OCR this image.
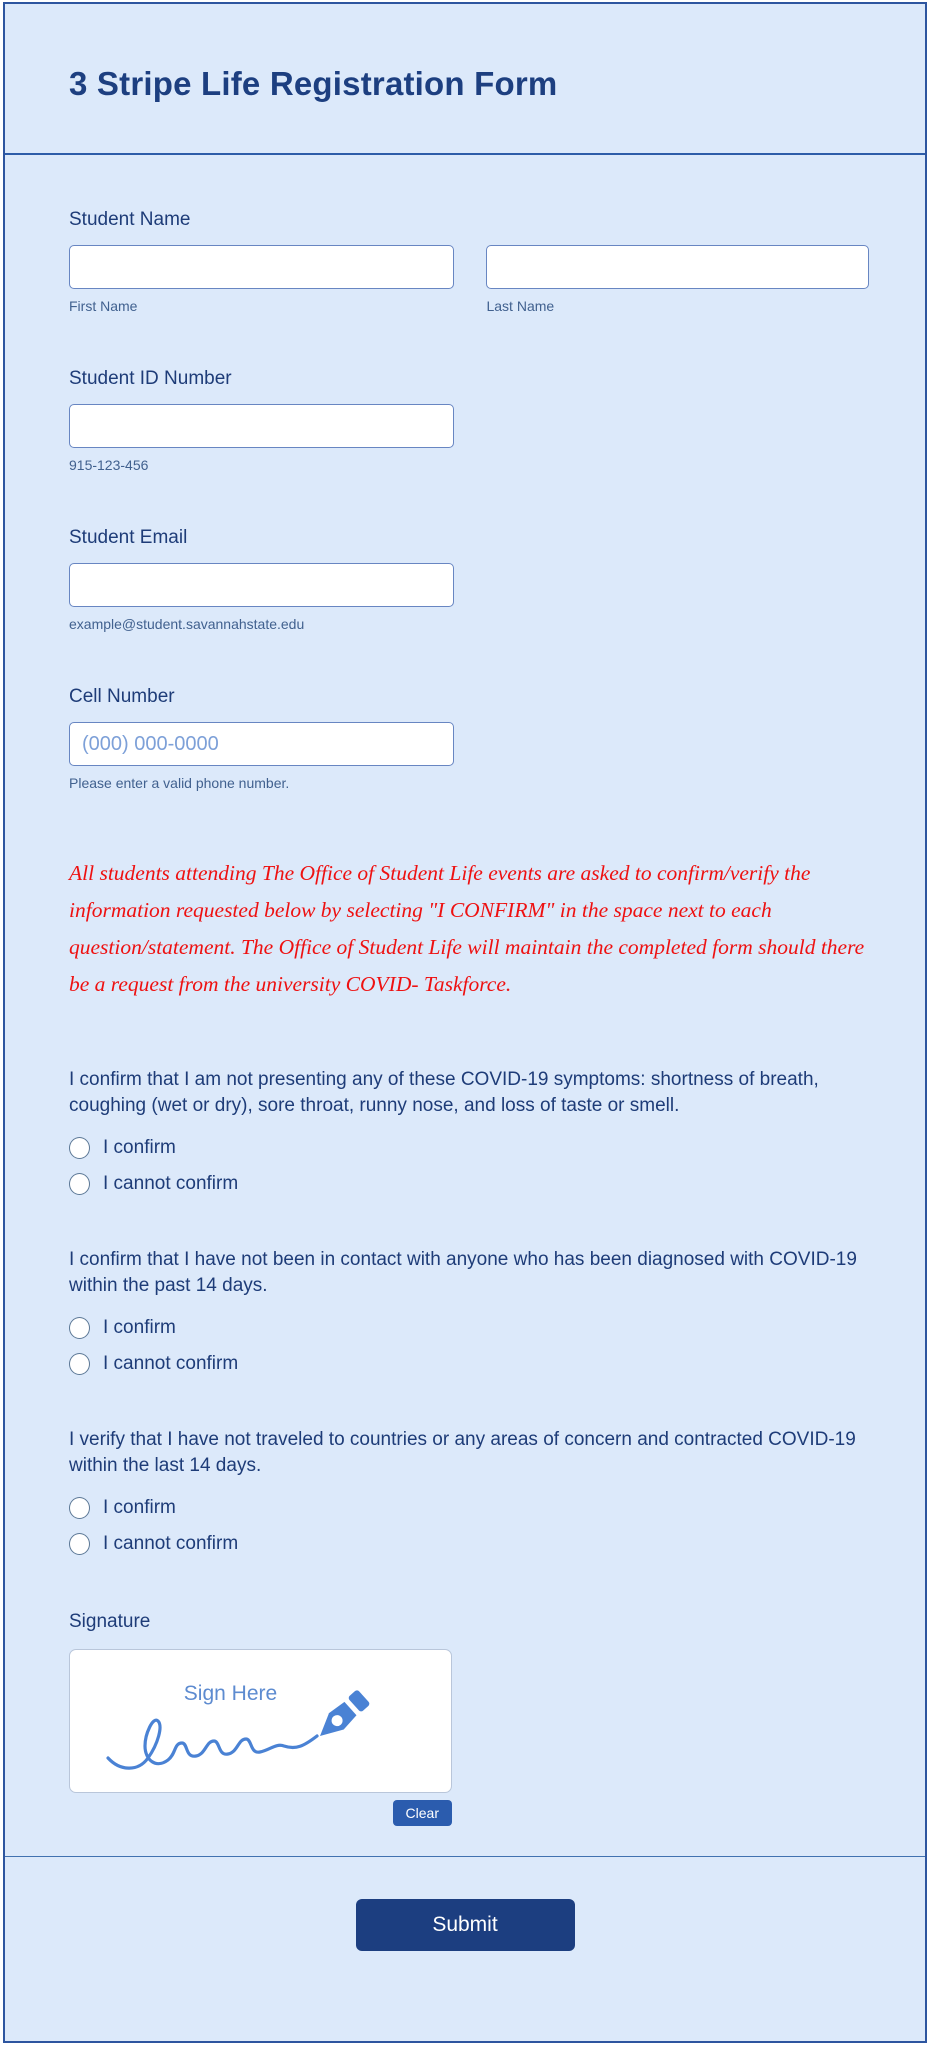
3 Stripe Life Registration Form
Student Name
First Name	Last Name
Student ID Number
915-123-456
Student Email
example@student.savannahstate.edu
Cell Number
(000) 000-0000
Please enter a valid phone number.

All students attending The Office of Student Life events are asked to confirm/verify the information requested below by selecting "I CONFIRM" in the space next to each question/statement. The Office of Student Life will maintain the completed form should there be a request from the university COVID- Taskforce.

I confirm that I am not presenting any of these COVID-19 symptoms: shortness of breath, coughing (wet or dry), sore throat, runny nose, and loss of taste or smell.
I confirm
I cannot confirm
I confirm that I have not been in contact with anyone who has been diagnosed with COVID-19 within the past 14 days.
I confirm
I cannot confirm
I verify that I have not traveled to countries or any areas of concern and contracted COVID-19 within the last 14 days.
I confirm
I cannot confirm
Signature
Sign Here
Clear
Submit
